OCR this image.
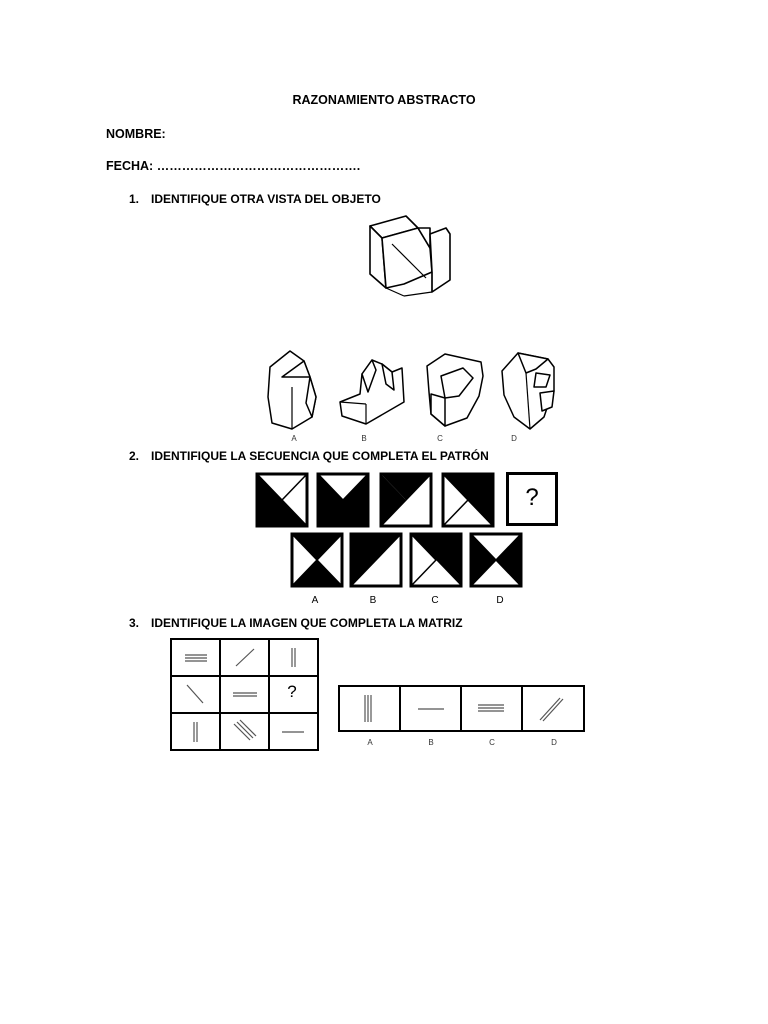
RAZONAMIENTO ABSTRACTO
NOMBRE:
FECHA: ………………………………………….
1. IDENTIFIQUE OTRA VISTA DEL OBJETO
A	B	C	D
2. IDENTIFIQUE LA SECUENCIA QUE COMPLETA EL PATRÓN
?
A	B	C	D
3. IDENTIFIQUE LA IMAGEN QUE COMPLETA LA MATRIZ
?
A	B	C	D
